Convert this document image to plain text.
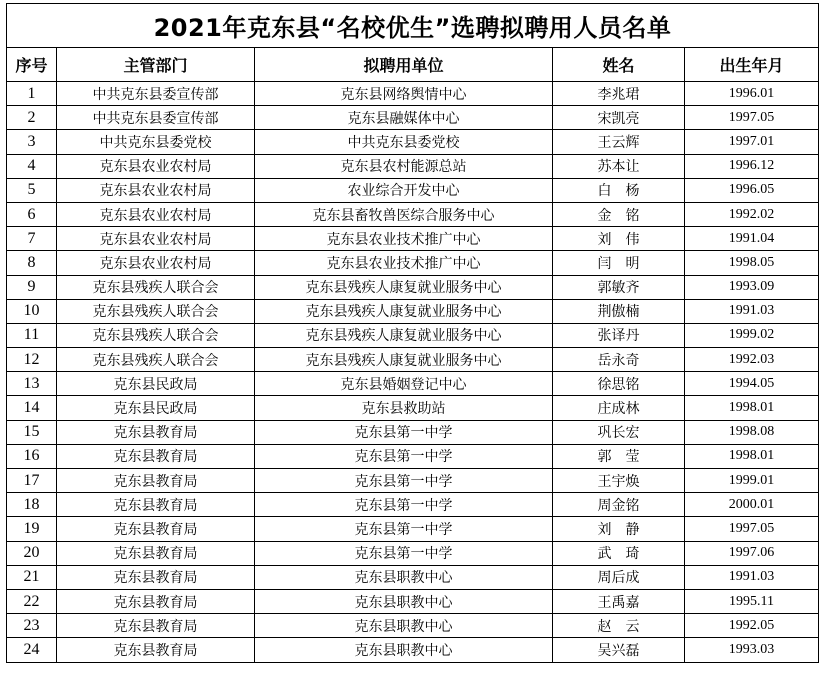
2021年克东县“名校优生”选聘拟聘用人员名单				
序号	主管部门	拟聘用单位	姓名	出生年月
1	中共克东县委宣传部	克东县网络舆情中心	李兆珺	1996.01
2	中共克东县委宣传部	克东县融媒体中心	宋凯亮	1997.05
3	中共克东县委党校	中共克东县委党校	王云辉	1997.01
4	克东县农业农村局	克东县农村能源总站	苏本让	1996.12
5	克东县农业农村局	农业综合开发中心	白　杨	1996.05
6	克东县农业农村局	克东县畜牧兽医综合服务中心	金　铭	1992.02
7	克东县农业农村局	克东县农业技术推广中心	刘　伟	1991.04
8	克东县农业农村局	克东县农业技术推广中心	闫　明	1998.05
9	克东县残疾人联合会	克东县残疾人康复就业服务中心	郭敏齐	1993.09
10	克东县残疾人联合会	克东县残疾人康复就业服务中心	荆傲楠	1991.03
11	克东县残疾人联合会	克东县残疾人康复就业服务中心	张译丹	1999.02
12	克东县残疾人联合会	克东县残疾人康复就业服务中心	岳永奇	1992.03
13	克东县民政局	克东县婚姻登记中心	徐思铭	1994.05
14	克东县民政局	克东县救助站	庄成林	1998.01
15	克东县教育局	克东县第一中学	巩长宏	1998.08
16	克东县教育局	克东县第一中学	郭　莹	1998.01
17	克东县教育局	克东县第一中学	王宇焕	1999.01
18	克东县教育局	克东县第一中学	周金铭	2000.01
19	克东县教育局	克东县第一中学	刘　静	1997.05
20	克东县教育局	克东县第一中学	武　琦	1997.06
21	克东县教育局	克东县职教中心	周后成	1991.03
22	克东县教育局	克东县职教中心	王禹嘉	1995.11
23	克东县教育局	克东县职教中心	赵　云	1992.05
24	克东县教育局	克东县职教中心	吴兴磊	1993.03
